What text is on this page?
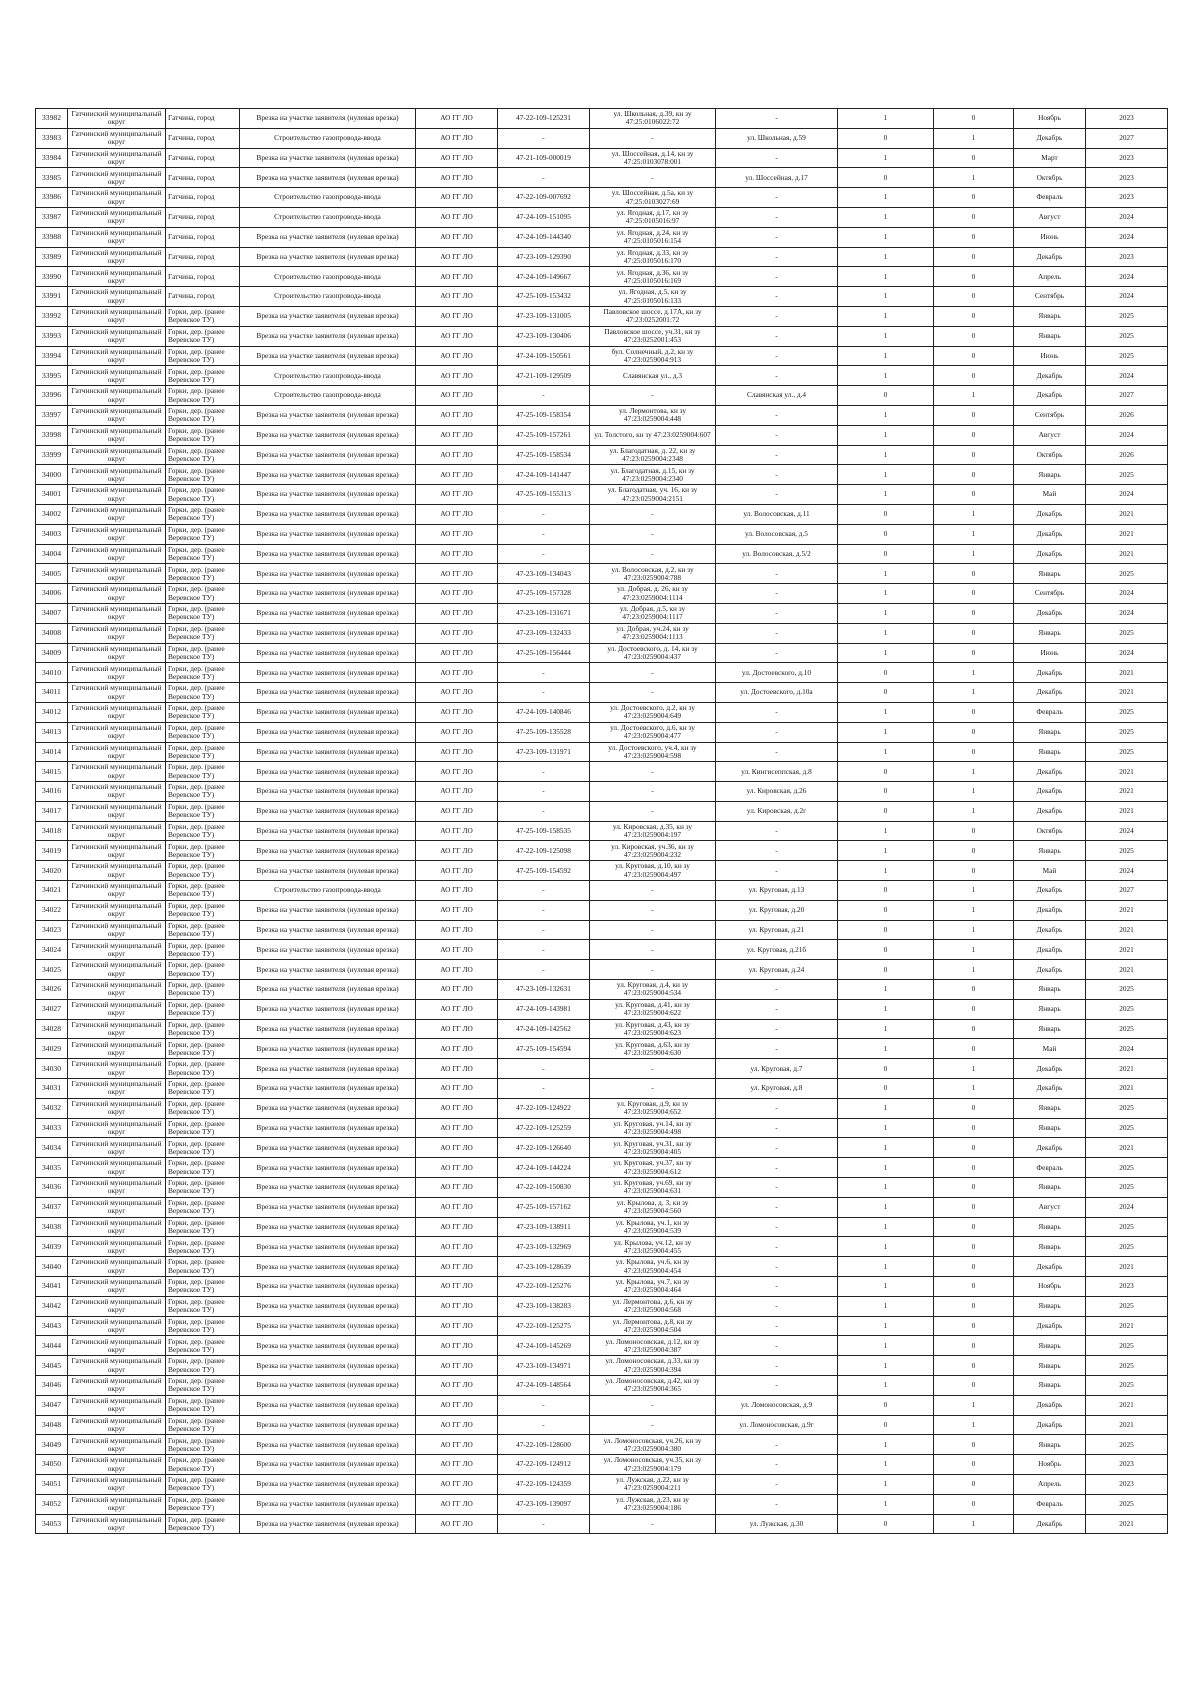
33982	Гатчинский муниципальный округ	Гатчина, город	Врезка на участке заявителя (нулевая врезка)	АО ГГ ЛО	47-22-109-125231	ул. Школьная, д.39, кн зу 47:25:0106022:72	-	1	0	Ноябрь	2023
33983	Гатчинский муниципальный округ	Гатчина, город	Строительство газопровода-ввода	АО ГГ ЛО	-	-	ул. Школьная, д.59	0	1	Декабрь	2027
33984	Гатчинский муниципальный округ	Гатчина, город	Врезка на участке заявителя (нулевая врезка)	АО ГГ ЛО	47-21-109-000019	ул. Шоссейная, д.14, кн зу 47:25:0103078:001	-	1	0	Март	2023
33985	Гатчинский муниципальный округ	Гатчина, город	Врезка на участке заявителя (нулевая врезка)	АО ГГ ЛО	-	-	ул. Шоссейная, д.17	0	1	Октябрь	2023
33986	Гатчинский муниципальный округ	Гатчина, город	Строительство газопровода-ввода	АО ГГ ЛО	47-22-109-007692	ул. Шоссейная, д.5а, кн зу 47:25:0103027:69	-	1	0	Февраль	2023
33987	Гатчинский муниципальный округ	Гатчина, город	Строительство газопровода-ввода	АО ГГ ЛО	47-24-109-151095	ул. Ягодная, д.17, кн зу 47:25:0105016:97	-	1	0	Август	2024
33988	Гатчинский муниципальный округ	Гатчина, город	Врезка на участке заявителя (нулевая врезка)	АО ГГ ЛО	47-24-109-144340	ул. Ягодная, д.24, кн зу 47:25:0105016:154	-	1	0	Июнь	2024
33989	Гатчинский муниципальный округ	Гатчина, город	Врезка на участке заявителя (нулевая врезка)	АО ГГ ЛО	47-23-109-129390	ул. Ягодная, д.33, кн зу 47:25:0105016:170	-	1	0	Декабрь	2023
33990	Гатчинский муниципальный округ	Гатчина, город	Строительство газопровода-ввода	АО ГГ ЛО	47-24-109-149667	ул. Ягодная, д.36, кн зу 47:25:0105016:169	-	1	0	Апрель	2024
33991	Гатчинский муниципальный округ	Гатчина, город	Строительство газопровода-ввода	АО ГГ ЛО	47-25-109-153432	ул. Ягодная, д.5, кн зу 47:25:0105016:133	-	1	0	Сентябрь	2024
33992	Гатчинский муниципальный округ	Горки, дер. (ранее Веревское ТУ)	Врезка на участке заявителя (нулевая врезка)	АО ГГ ЛО	47-23-109-131005	Павловское шоссе, д.17А, кн зу 47:23:0252001:72	-	1	0	Январь	2025
33993	Гатчинский муниципальный округ	Горки, дер. (ранее Веревское ТУ)	Врезка на участке заявителя (нулевая врезка)	АО ГГ ЛО	47-23-109-130406	Павловское шоссе, уч.31, кн зу 47:23:0252001:453	-	1	0	Январь	2025
33994	Гатчинский муниципальный округ	Горки, дер. (ранее Веревское ТУ)	Врезка на участке заявителя (нулевая врезка)	АО ГГ ЛО	47-24-109-150561	бул. Солнечный, д.2, кн зу 47:23:0259004:913	-	1	0	Июнь	2025
33995	Гатчинский муниципальный округ	Горки, дер. (ранее Веревское ТУ)	Строительство газопровода-ввода	АО ГГ ЛО	47-21-109-129509	Славянская ул., д.3	-	1	0	Декабрь	2024
33996	Гатчинский муниципальный округ	Горки, дер. (ранее Веревское ТУ)	Строительство газопровода-ввода	АО ГГ ЛО	-	-	Славянская ул., д.4	0	1	Декабрь	2027
33997	Гатчинский муниципальный округ	Горки, дер. (ранее Веревское ТУ)	Врезка на участке заявителя (нулевая врезка)	АО ГГ ЛО	47-25-109-158354	ул. Лермонтова, кн зу 47:23:0259004:448	-	1	0	Сентябрь	2026
33998	Гатчинский муниципальный округ	Горки, дер. (ранее Веревское ТУ)	Врезка на участке заявителя (нулевая врезка)	АО ГГ ЛО	47-25-109-157261	ул. Толстого, кн зу 47:23:0259004:607	-	1	0	Август	2024
33999	Гатчинский муниципальный округ	Горки, дер. (ранее Веревское ТУ)	Врезка на участке заявителя (нулевая врезка)	АО ГГ ЛО	47-25-109-158534	ул. Благодатная, д. 22, кн зу 47:23:0259004:2348	-	1	0	Октябрь	2026
34000	Гатчинский муниципальный округ	Горки, дер. (ранее Веревское ТУ)	Врезка на участке заявителя (нулевая врезка)	АО ГГ ЛО	47-24-109-141447	ул. Благодатная, д.15, кн зу 47:23:0259004:2340	-	1	0	Январь	2025
34001	Гатчинский муниципальный округ	Горки, дер. (ранее Веревское ТУ)	Врезка на участке заявителя (нулевая врезка)	АО ГГ ЛО	47-25-109-155313	ул. Благодатная, уч. 16, кн зу 47:23:0259004:2151	-	1	0	Май	2024
34002	Гатчинский муниципальный округ	Горки, дер. (ранее Веревское ТУ)	Врезка на участке заявителя (нулевая врезка)	АО ГГ ЛО	-	-	ул. Волосовская, д.11	0	1	Декабрь	2021
34003	Гатчинский муниципальный округ	Горки, дер. (ранее Веревское ТУ)	Врезка на участке заявителя (нулевая врезка)	АО ГГ ЛО	-	-	ул. Волосовская, д.5	0	1	Декабрь	2021
34004	Гатчинский муниципальный округ	Горки, дер. (ранее Веревское ТУ)	Врезка на участке заявителя (нулевая врезка)	АО ГГ ЛО	-	-	ул. Волосовская, д.5/2	0	1	Декабрь	2021
34005	Гатчинский муниципальный округ	Горки, дер. (ранее Веревское ТУ)	Врезка на участке заявителя (нулевая врезка)	АО ГГ ЛО	47-23-109-134043	ул. Волосовская, д.2, кн зу 47:23:0259004:788	-	1	0	Январь	2025
34006	Гатчинский муниципальный округ	Горки, дер. (ранее Веревское ТУ)	Врезка на участке заявителя (нулевая врезка)	АО ГГ ЛО	47-25-109-157328	ул. Добрая, д. 26, кн зу 47:23:0259004:1114	-	1	0	Сентябрь	2024
34007	Гатчинский муниципальный округ	Горки, дер. (ранее Веревское ТУ)	Врезка на участке заявителя (нулевая врезка)	АО ГГ ЛО	47-23-109-131671	ул. Добрая, д.5, кн зу 47:23:0259004:1117	-	1	0	Декабрь	2024
34008	Гатчинский муниципальный округ	Горки, дер. (ранее Веревское ТУ)	Врезка на участке заявителя (нулевая врезка)	АО ГГ ЛО	47-23-109-132433	ул. Добрая, уч.24, кн зу 47:23:0259004:1113	-	1	0	Январь	2025
34009	Гатчинский муниципальный округ	Горки, дер. (ранее Веревское ТУ)	Врезка на участке заявителя (нулевая врезка)	АО ГГ ЛО	47-25-109-156444	ул. Достоевского, д. 14, кн зу 47:23:0259004:437	-	1	0	Июнь	2024
34010	Гатчинский муниципальный округ	Горки, дер. (ранее Веревское ТУ)	Врезка на участке заявителя (нулевая врезка)	АО ГГ ЛО	-	-	ул. Достоевского, д.10	0	1	Декабрь	2021
34011	Гатчинский муниципальный округ	Горки, дер. (ранее Веревское ТУ)	Врезка на участке заявителя (нулевая врезка)	АО ГГ ЛО	-	-	ул. Достоевского, д.10а	0	1	Декабрь	2021
34012	Гатчинский муниципальный округ	Горки, дер. (ранее Веревское ТУ)	Врезка на участке заявителя (нулевая врезка)	АО ГГ ЛО	47-24-109-140846	ул. Достоевского, д.2, кн зу 47:23:0259004:649	-	1	0	Февраль	2025
34013	Гатчинский муниципальный округ	Горки, дер. (ранее Веревское ТУ)	Врезка на участке заявителя (нулевая врезка)	АО ГГ ЛО	47-25-109-135528	ул. Достоевского, д.6, кн зу 47:23:0259004:477	-	1	0	Январь	2025
34014	Гатчинский муниципальный округ	Горки, дер. (ранее Веревское ТУ)	Врезка на участке заявителя (нулевая врезка)	АО ГГ ЛО	47-23-109-131971	ул. Достоевского, уч.4, кн зу 47:23:0259004:598	-	1	0	Январь	2025
34015	Гатчинский муниципальный округ	Горки, дер. (ранее Веревское ТУ)	Врезка на участке заявителя (нулевая врезка)	АО ГГ ЛО	-	-	ул. Кингисеппская, д.8	0	1	Декабрь	2021
34016	Гатчинский муниципальный округ	Горки, дер. (ранее Веревское ТУ)	Врезка на участке заявителя (нулевая врезка)	АО ГГ ЛО	-	-	ул. Кировская, д.26	0	1	Декабрь	2021
34017	Гатчинский муниципальный округ	Горки, дер. (ранее Веревское ТУ)	Врезка на участке заявителя (нулевая врезка)	АО ГГ ЛО	-	-	ул. Кировская, д.2г	0	1	Декабрь	2021
34018	Гатчинский муниципальный округ	Горки, дер. (ранее Веревское ТУ)	Врезка на участке заявителя (нулевая врезка)	АО ГГ ЛО	47-25-109-158535	ул. Кировская, д.35, кн зу 47:23:0259004:197	-	1	0	Октябрь	2024
34019	Гатчинский муниципальный округ	Горки, дер. (ранее Веревское ТУ)	Врезка на участке заявителя (нулевая врезка)	АО ГГ ЛО	47-22-109-125098	ул. Кировская, уч.36, кн зу 47:23:0259004:232	-	1	0	Январь	2025
34020	Гатчинский муниципальный округ	Горки, дер. (ранее Веревское ТУ)	Врезка на участке заявителя (нулевая врезка)	АО ГГ ЛО	47-25-109-154592	ул. Круговая, д.10, кн зу 47:23:0259004:497	-	1	0	Май	2024
34021	Гатчинский муниципальный округ	Горки, дер. (ранее Веревское ТУ)	Строительство газопровода-ввода	АО ГГ ЛО	-	-	ул. Круговая, д.13	0	1	Декабрь	2027
34022	Гатчинский муниципальный округ	Горки, дер. (ранее Веревское ТУ)	Врезка на участке заявителя (нулевая врезка)	АО ГГ ЛО	-	-	ул. Круговая, д.20	0	1	Декабрь	2021
34023	Гатчинский муниципальный округ	Горки, дер. (ранее Веревское ТУ)	Врезка на участке заявителя (нулевая врезка)	АО ГГ ЛО	-	-	ул. Круговая, д.21	0	1	Декабрь	2021
34024	Гатчинский муниципальный округ	Горки, дер. (ранее Веревское ТУ)	Врезка на участке заявителя (нулевая врезка)	АО ГГ ЛО	-	-	ул. Круговая, д.21б	0	1	Декабрь	2021
34025	Гатчинский муниципальный округ	Горки, дер. (ранее Веревское ТУ)	Врезка на участке заявителя (нулевая врезка)	АО ГГ ЛО	-	-	ул. Круговая, д.24	0	1	Декабрь	2021
34026	Гатчинский муниципальный округ	Горки, дер. (ранее Веревское ТУ)	Врезка на участке заявителя (нулевая врезка)	АО ГГ ЛО	47-23-109-132631	ул. Круговая, д.4, кн зу 47:23:0259004:534	-	1	0	Январь	2025
34027	Гатчинский муниципальный округ	Горки, дер. (ранее Веревское ТУ)	Врезка на участке заявителя (нулевая врезка)	АО ГГ ЛО	47-24-109-143981	ул. Круговая, д.41, кн зу 47:23:0259004:622	-	1	0	Январь	2025
34028	Гатчинский муниципальный округ	Горки, дер. (ранее Веревское ТУ)	Врезка на участке заявителя (нулевая врезка)	АО ГГ ЛО	47-24-109-142562	ул. Круговая, д.43, кн зу 47:23:0259004:623	-	1	0	Январь	2025
34029	Гатчинский муниципальный округ	Горки, дер. (ранее Веревское ТУ)	Врезка на участке заявителя (нулевая врезка)	АО ГГ ЛО	47-25-109-154594	ул. Круговая, д.63, кн зу 47:23:0259004:630	-	1	0	Май	2024
34030	Гатчинский муниципальный округ	Горки, дер. (ранее Веревское ТУ)	Врезка на участке заявителя (нулевая врезка)	АО ГГ ЛО	-	-	ул. Круговая, д.7	0	1	Декабрь	2021
34031	Гатчинский муниципальный округ	Горки, дер. (ранее Веревское ТУ)	Врезка на участке заявителя (нулевая врезка)	АО ГГ ЛО	-	-	ул. Круговая, д.8	0	1	Декабрь	2021
34032	Гатчинский муниципальный округ	Горки, дер. (ранее Веревское ТУ)	Врезка на участке заявителя (нулевая врезка)	АО ГГ ЛО	47-22-109-124922	ул. Круговая, д.9, кн зу 47:23:0259004:652	-	1	0	Январь	2025
34033	Гатчинский муниципальный округ	Горки, дер. (ранее Веревское ТУ)	Врезка на участке заявителя (нулевая врезка)	АО ГГ ЛО	47-22-109-125259	ул. Круговая, уч.14, кн зу 47:23:0259004:498	-	1	0	Январь	2025
34034	Гатчинский муниципальный округ	Горки, дер. (ранее Веревское ТУ)	Врезка на участке заявителя (нулевая врезка)	АО ГГ ЛО	47-22-109-126640	ул. Круговая, уч.31, кн зу 47:23:0259004:405	-	1	0	Декабрь	2021
34035	Гатчинский муниципальный округ	Горки, дер. (ранее Веревское ТУ)	Врезка на участке заявителя (нулевая врезка)	АО ГГ ЛО	47-24-109-144224	ул. Круговая, уч.37, кн зу 47:23:0259004:612	-	1	0	Февраль	2025
34036	Гатчинский муниципальный округ	Горки, дер. (ранее Веревское ТУ)	Врезка на участке заявителя (нулевая врезка)	АО ГГ ЛО	47-22-109-150830	ул. Круговая, уч.69, кн зу 47:23:0259004:631	-	1	0	Январь	2025
34037	Гатчинский муниципальный округ	Горки, дер. (ранее Веревское ТУ)	Врезка на участке заявителя (нулевая врезка)	АО ГГ ЛО	47-25-109-157162	ул. Крылова, д. 3, кн зу 47:23:0259004:560	-	1	0	Август	2024
34038	Гатчинский муниципальный округ	Горки, дер. (ранее Веревское ТУ)	Врезка на участке заявителя (нулевая врезка)	АО ГГ ЛО	47-23-109-138911	ул. Крылова, уч.1, кн зу 47:23:0259004:539	-	1	0	Январь	2025
34039	Гатчинский муниципальный округ	Горки, дер. (ранее Веревское ТУ)	Врезка на участке заявителя (нулевая врезка)	АО ГГ ЛО	47-23-109-132969	ул. Крылова, уч.12, кн зу 47:23:0259004:455	-	1	0	Январь	2025
34040	Гатчинский муниципальный округ	Горки, дер. (ранее Веревское ТУ)	Врезка на участке заявителя (нулевая врезка)	АО ГГ ЛО	47-23-109-128639	ул. Крылова, уч.6, кн зу 47:23:0259004:454	-	1	0	Декабрь	2021
34041	Гатчинский муниципальный округ	Горки, дер. (ранее Веревское ТУ)	Врезка на участке заявителя (нулевая врезка)	АО ГГ ЛО	47-22-109-125276	ул. Крылова, уч.7, кн зу 47:23:0259004:464	-	1	0	Ноябрь	2023
34042	Гатчинский муниципальный округ	Горки, дер. (ранее Веревское ТУ)	Врезка на участке заявителя (нулевая врезка)	АО ГГ ЛО	47-23-109-138283	ул. Лермонтова, д.6, кн зу 47:23:0259004:568	-	1	0	Январь	2025
34043	Гатчинский муниципальный округ	Горки, дер. (ранее Веревское ТУ)	Врезка на участке заявителя (нулевая врезка)	АО ГГ ЛО	47-22-109-125275	ул. Лермонтова, д.8, кн зу 47:23:0259004:504	-	1	0	Декабрь	2021
34044	Гатчинский муниципальный округ	Горки, дер. (ранее Веревское ТУ)	Врезка на участке заявителя (нулевая врезка)	АО ГГ ЛО	47-24-109-145269	ул. Ломоносовская, д.12, кн зу 47:23:0259004:387	-	1	0	Январь	2025
34045	Гатчинский муниципальный округ	Горки, дер. (ранее Веревское ТУ)	Врезка на участке заявителя (нулевая врезка)	АО ГГ ЛО	47-23-109-134971	ул. Ломоносовская, д.33, кн зу 47:23:0259004:394	-	1	0	Январь	2025
34046	Гатчинский муниципальный округ	Горки, дер. (ранее Веревское ТУ)	Врезка на участке заявителя (нулевая врезка)	АО ГГ ЛО	47-24-109-148564	ул. Ломоносовская, д.42, кн зу 47:23:0259004:365	-	1	0	Январь	2025
34047	Гатчинский муниципальный округ	Горки, дер. (ранее Веревское ТУ)	Врезка на участке заявителя (нулевая врезка)	АО ГГ ЛО	-	-	ул. Ломоносовская, д.9	0	1	Декабрь	2021
34048	Гатчинский муниципальный округ	Горки, дер. (ранее Веревское ТУ)	Врезка на участке заявителя (нулевая врезка)	АО ГГ ЛО	-	-	ул. Ломоносовская, д.9г	0	1	Декабрь	2021
34049	Гатчинский муниципальный округ	Горки, дер. (ранее Веревское ТУ)	Врезка на участке заявителя (нулевая врезка)	АО ГГ ЛО	47-22-109-128600	ул. Ломоносовская, уч.26, кн зу 47:23:0259004:380	-	1	0	Январь	2025
34050	Гатчинский муниципальный округ	Горки, дер. (ранее Веревское ТУ)	Врезка на участке заявителя (нулевая врезка)	АО ГГ ЛО	47-22-109-124912	ул. Ломоносовская, уч.35, кн зу 47:23:0259004:179	-	1	0	Ноябрь	2023
34051	Гатчинский муниципальный округ	Горки, дер. (ранее Веревское ТУ)	Врезка на участке заявителя (нулевая врезка)	АО ГГ ЛО	47-22-109-124359	ул. Лужская, д.22, кн зу 47:23:0259004:211	-	1	0	Апрель	2023
34052	Гатчинский муниципальный округ	Горки, дер. (ранее Веревское ТУ)	Врезка на участке заявителя (нулевая врезка)	АО ГГ ЛО	47-23-109-139097	ул. Лужская, д.23, кн зу 47:23:0259004:186	-	1	0	Февраль	2025
34053	Гатчинский муниципальный округ	Горки, дер. (ранее Веревское ТУ)	Врезка на участке заявителя (нулевая врезка)	АО ГГ ЛО	-	-	ул. Лужская, д.30	0	1	Декабрь	2021
